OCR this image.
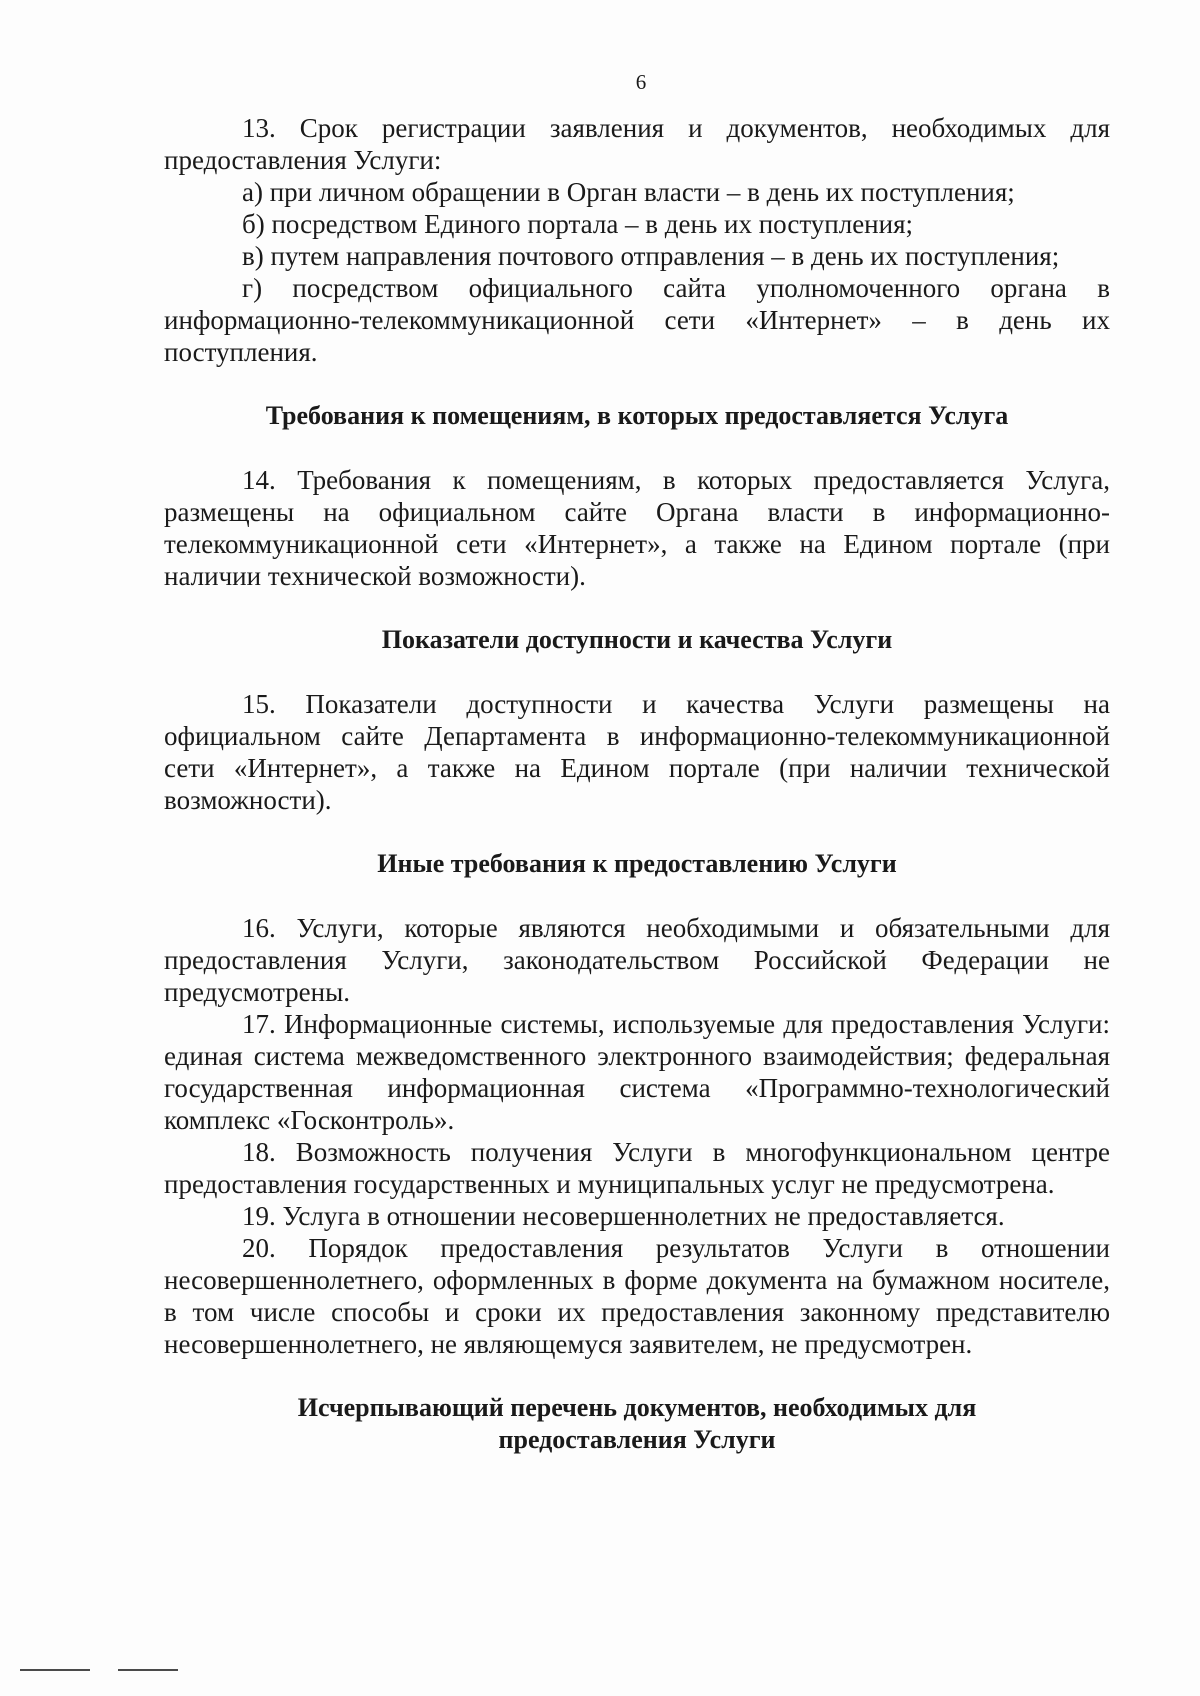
6

13. Срок регистрации заявления и документов, необходимых для предоставления Услуги:

а) при личном обращении в Орган власти – в день их поступления;

б) посредством Единого портала – в день их поступления;

в) путем направления почтового отправления – в день их поступления;

г) посредством официального сайта уполномоченного органа в информационно-телекоммуникационной сети «Интернет» – в день их поступления.

Требования к помещениям, в которых предоставляется Услуга

14. Требования к помещениям, в которых предоставляется Услуга, размещены на официальном сайте Органа власти в информационно-телекоммуникационной сети «Интернет», а также на Едином портале (при наличии технической возможности).

Показатели доступности и качества Услуги

15. Показатели доступности и качества Услуги размещены на официальном сайте Департамента в информационно-телекоммуникационной сети «Интернет», а также на Едином портале (при наличии технической возможности).

Иные требования к предоставлению Услуги

16. Услуги, которые являются необходимыми и обязательными для предоставления Услуги, законодательством Российской Федерации не предусмотрены.

17. Информационные системы, используемые для предоставления Услуги: единая система межведомственного электронного взаимодействия; федеральная государственная информационная система «Программно-технологический комплекс «Госконтроль».

18. Возможность получения Услуги в многофункциональном центре предоставления государственных и муниципальных услуг не предусмотрена.

19. Услуга в отношении несовершеннолетних не предоставляется.

20. Порядок предоставления результатов Услуги в отношении несовершеннолетнего, оформленных в форме документа на бумажном носителе, в том числе способы и сроки их предоставления законному представителю несовершеннолетнего, не являющемуся заявителем, не предусмотрен.

Исчерпывающий перечень документов, необходимых для
предоставления Услуги
